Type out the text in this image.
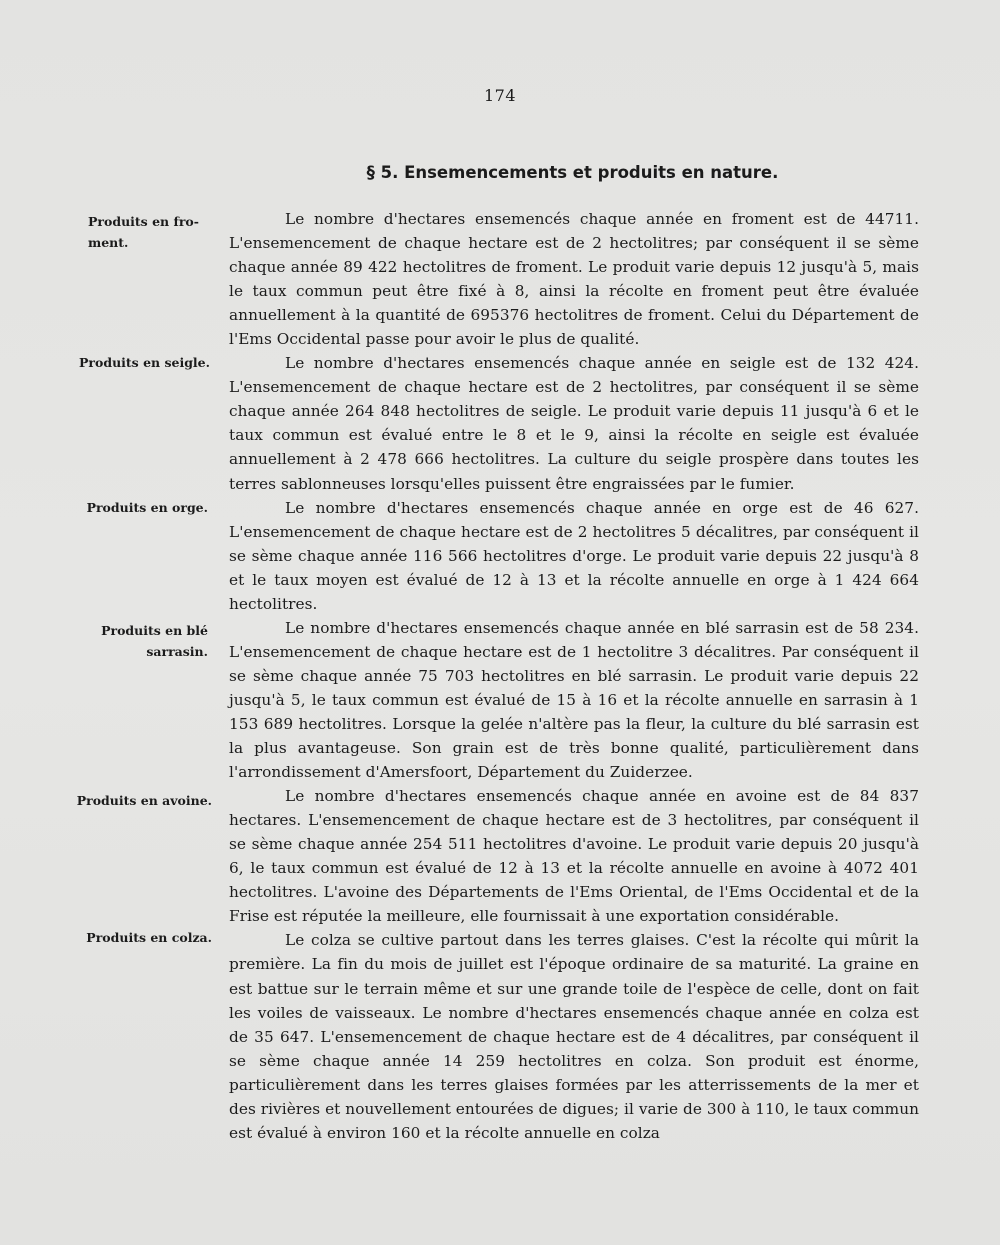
174
§ 5. Ensemencements et produits en nature.
Produits en fro- ment.
Produits en seigle.
Produits en orge.
Produits en blé sarrasin.
Produits en avoine.
Produits en colza.

Le nombre d'hectares ensemencés chaque année en froment est de 44711. L'ensemencement de chaque hectare est de 2 hectolitres; par conséquent il se sème chaque année 89 422 hectolitres de froment. Le produit varie depuis 12 jusqu'à 5, mais le taux commun peut être fixé à 8, ainsi la récolte en froment peut être évaluée annuellement à la quantité de 695376 hectolitres de froment. Celui du Département de l'Ems Occidental passe pour avoir le plus de qualité.

Le nombre d'hectares ensemencés chaque année en seigle est de 132 424. L'ensemencement de chaque hectare est de 2 hectolitres, par conséquent il se sème chaque année 264 848 hectolitres de seigle. Le produit varie depuis 11 jusqu'à 6 et le taux commun est évalué entre le 8 et le 9, ainsi la récolte en seigle est évaluée annuellement à 2 478 666 hectolitres. La culture du seigle prospère dans toutes les terres sablonneuses lorsqu'elles puissent être engraissées par le fumier.

Le nombre d'hectares ensemencés chaque année en orge est de 46 627. L'ensemencement de chaque hectare est de 2 hectolitres 5 décalitres, par conséquent il se sème chaque année 116 566 hectolitres d'orge. Le produit varie depuis 22 jusqu'à 8 et le taux moyen est évalué de 12 à 13 et la récolte annuelle en orge à 1 424 664 hectolitres.

Le nombre d'hectares ensemencés chaque année en blé sarrasin est de 58 234. L'ensemencement de chaque hectare est de 1 hectolitre 3 décalitres. Par conséquent il se sème chaque année 75 703 hectolitres en blé sarrasin. Le produit varie depuis 22 jusqu'à 5, le taux commun est évalué de 15 à 16 et la récolte annuelle en sarrasin à 1 153 689 hectolitres. Lorsque la gelée n'altère pas la fleur, la culture du blé sarrasin est la plus avantageuse. Son grain est de très bonne qualité, particulièrement dans l'arrondissement d'Amersfoort, Département du Zuiderzee.

Le nombre d'hectares ensemencés chaque année en avoine est de 84 837 hectares. L'ensemencement de chaque hectare est de 3 hectolitres, par conséquent il se sème chaque année 254 511 hectolitres d'avoine. Le produit varie depuis 20 jusqu'à 6, le taux commun est évalué de 12 à 13 et la récolte annuelle en avoine à 4072 401 hectolitres. L'avoine des Départements de l'Ems Oriental, de l'Ems Occidental et de la Frise est réputée la meilleure, elle fournissait à une exportation considérable.

Le colza se cultive partout dans les terres glaises. C'est la récolte qui mûrit la première. La fin du mois de juillet est l'époque ordinaire de sa maturité. La graine en est battue sur le terrain même et sur une grande toile de l'espèce de celle, dont on fait les voiles de vaisseaux. Le nombre d'hectares ensemencés chaque année en colza est de 35 647. L'ensemencement de chaque hectare est de 4 décalitres, par conséquent il se sème chaque année 14 259 hectolitres en colza. Son produit est énorme, particulièrement dans les terres glaises formées par les atterrissements de la mer et des rivières et nouvellement entourées de digues; il varie de 300 à 110, le taux commun est évalué à environ 160 et la récolte annuelle en colza
